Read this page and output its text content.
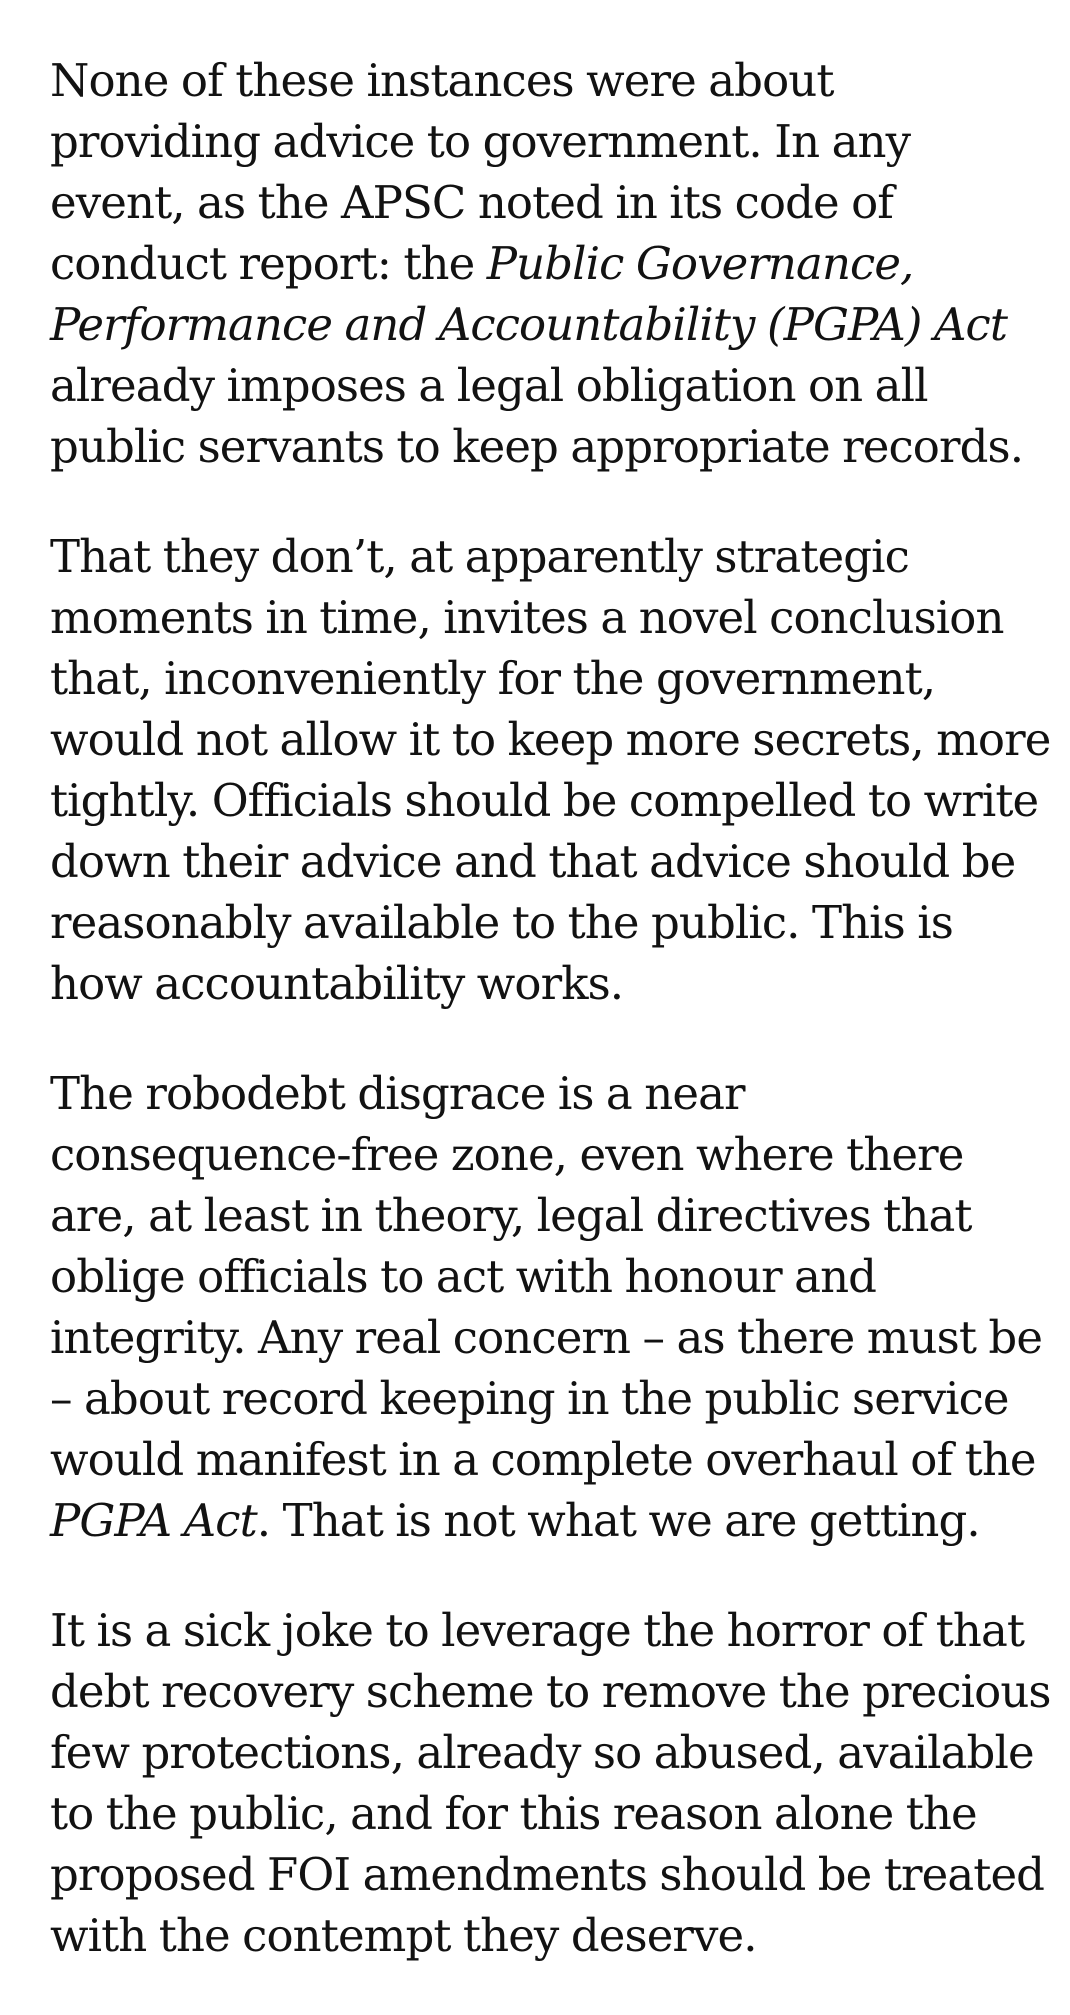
None of these instances were about
providing advice to government. In any
event, as the APSC noted in its code of
conduct report: the Public Governance,
Performance and Accountability (PGPA) Act
already imposes a legal obligation on all
public servants to keep appropriate records.

That they don’t, at apparently strategic
moments in time, invites a novel conclusion
that, inconveniently for the government,
would not allow it to keep more secrets, more
tightly. Officials should be compelled to write
down their advice and that advice should be
reasonably available to the public. This is
how accountability works.

The robodebt disgrace is a near
consequence-free zone, even where there
are, at least in theory, legal directives that
oblige officials to act with honour and
integrity. Any real concern – as there must be
– about record keeping in the public service
would manifest in a complete overhaul of the
PGPA Act. That is not what we are getting.

It is a sick joke to leverage the horror of that
debt recovery scheme to remove the precious
few protections, already so abused, available
to the public, and for this reason alone the
proposed FOI amendments should be treated
with the contempt they deserve.
